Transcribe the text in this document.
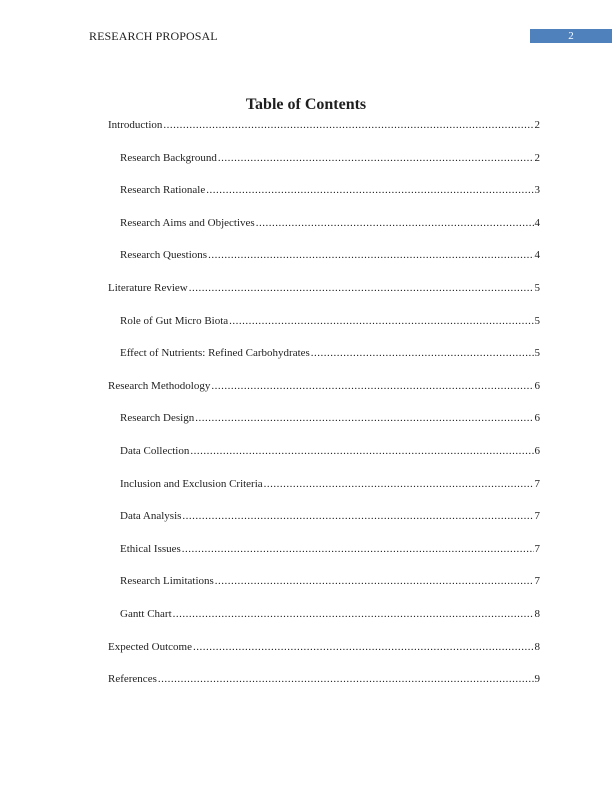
RESEARCH PROPOSAL	2
Table of Contents
Introduction .....	2
Research Background .....	2
Research Rationale .....	3
Research Aims and Objectives .....	4
Research Questions .....	4
Literature Review .....	5
Role of Gut Micro Biota .....	5
Effect of Nutrients: Refined Carbohydrates .....	5
Research Methodology .....	6
Research Design .....	6
Data Collection .....	6
Inclusion and Exclusion Criteria .....	7
Data Analysis .....	7
Ethical Issues .....	7
Research Limitations .....	7
Gantt Chart .....	8
Expected Outcome .....	8
References .....	9
